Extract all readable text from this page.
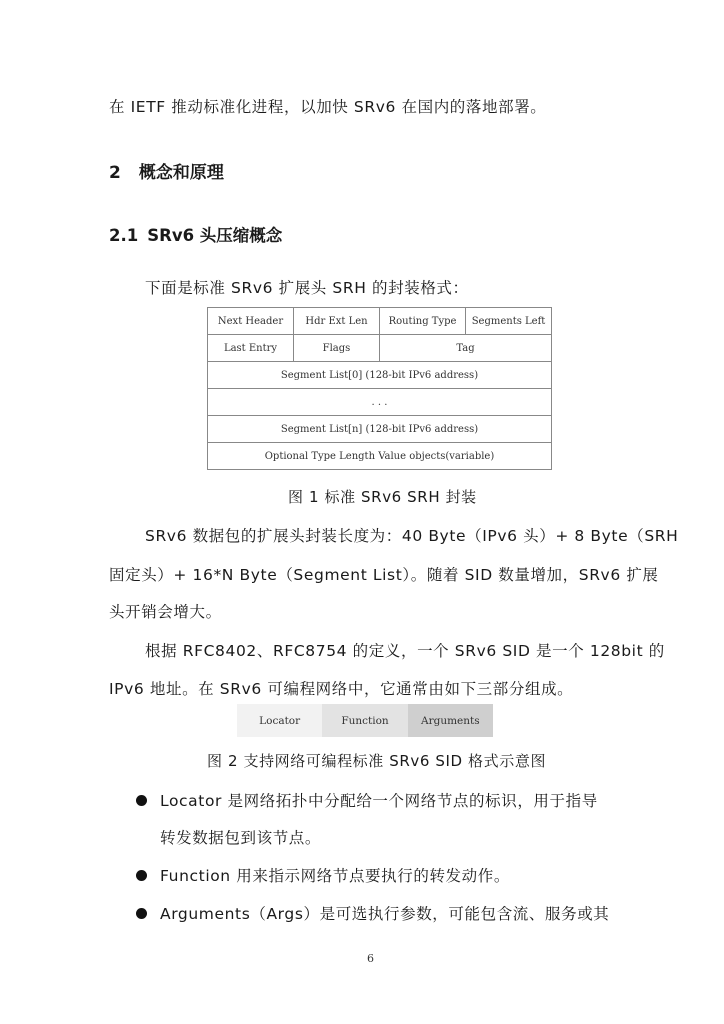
在 IETF 推动标准化进程，以加快 SRv6 在国内的落地部署。
2 概念和原理
2.1 SRv6 头压缩概念
下面是标准 SRv6 扩展头 SRH 的封装格式：
Next Header	Hdr Ext Len	Routing Type	Segments Left
Last Entry	Flags	Tag	
Segment List[0] (128-bit IPv6 address)			
. . .			
Segment List[n] (128-bit IPv6 address)			
Optional Type Length Value objects(variable)			
图 1 标准 SRv6 SRH 封装
SRv6 数据包的扩展头封装长度为：40 Byte（IPv6 头）+ 8 Byte（SRH
固定头）+ 16*N Byte（Segment List）。随着 SID 数量增加，SRv6 扩展
头开销会增大。
根据 RFC8402、RFC8754 的定义，一个 SRv6 SID 是一个 128bit 的
IPv6 地址。在 SRv6 可编程网络中，它通常由如下三部分组成。
Locator	Function	Arguments
图 2 支持网络可编程标准 SRv6 SID 格式示意图
Locator 是网络拓扑中分配给一个网络节点的标识，用于指导
转发数据包到该节点。
Function 用来指示网络节点要执行的转发动作。
Arguments（Args）是可选执行参数，可能包含流、服务或其
6
